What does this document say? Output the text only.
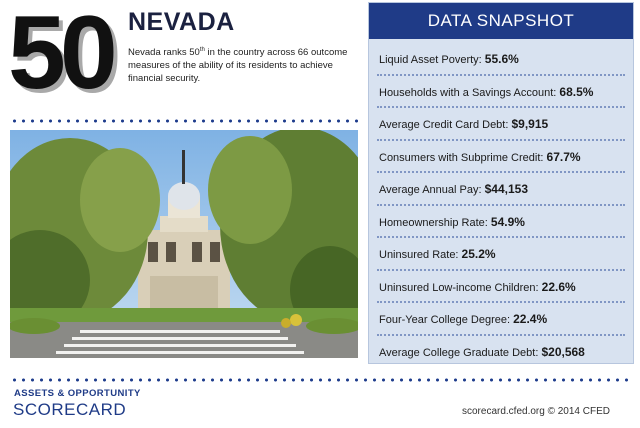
50 NEVADA
Nevada ranks 50th in the country across 66 outcome measures of the ability of its residents to achieve financial security.
DATA SNAPSHOT
Liquid Asset Poverty: 55.6%
Households with a Savings Account: 68.5%
Average Credit Card Debt: $9,915
Consumers with Subprime Credit: 67.7%
Average Annual Pay: $44,153
Homeownership Rate: 54.9%
Uninsured Rate: 25.2%
Uninsured Low-income Children: 22.6%
Four-Year College Degree: 22.4%
Average College Graduate Debt: $20,568
ASSETS & OPPORTUNITY
SCORECARD	scorecard.cfed.org © 2014 CFED
